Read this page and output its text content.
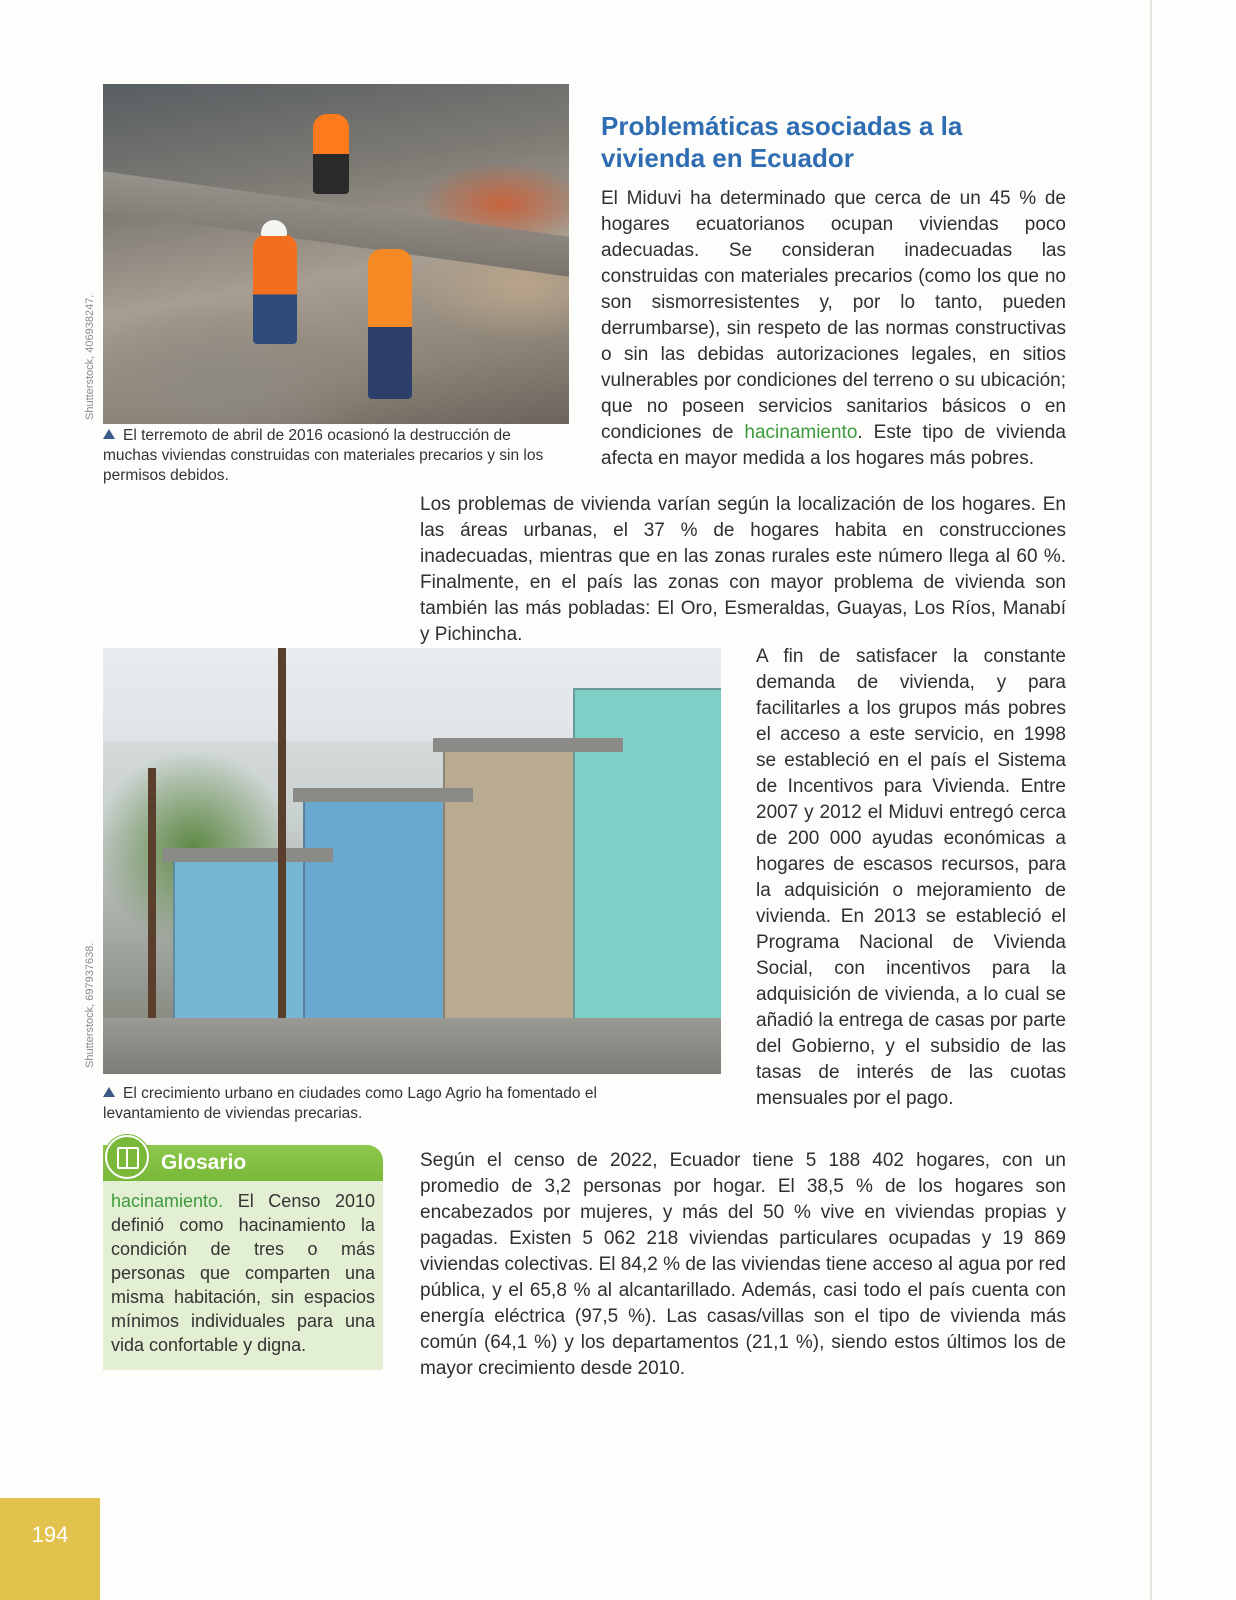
Shutterstock, 406938247.
El terremoto de abril de 2016 ocasionó la destrucción de muchas viviendas construidas con materiales precarios y sin los permisos debidos.
Problemáticas asociadas a la vivienda en Ecuador

El Miduvi ha determinado que cerca de un 45 % de hogares ecuatorianos ocupan viviendas poco adecuadas. Se consideran inadecuadas las construidas con materiales precarios (como los que no son sismorresistentes y, por lo tanto, pueden derrumbarse), sin respeto de las normas constructivas o sin las debidas autorizaciones legales, en sitios vulnerables por condiciones del terreno o su ubicación; que no poseen servicios sanitarios básicos o en condiciones de hacinamiento. Este tipo de vivienda afecta en mayor medida a los hogares más pobres.

Los problemas de vivienda varían según la localización de los hogares. En las áreas urbanas, el 37 % de hogares habita en construcciones inadecuadas, mientras que en las zonas rurales este número llega al 60 %. Finalmente, en el país las zonas con mayor problema de vivienda son también las más pobladas: El Oro, Esmeraldas, Guayas, Los Ríos, Manabí y Pichincha.

Shutterstock, 697937638.
El crecimiento urbano en ciudades como Lago Agrio ha fomentado el levantamiento de viviendas precarias.

A fin de satisfacer la constante demanda de vivienda, y para facilitarles a los grupos más pobres el acceso a este servicio, en 1998 se estableció en el país el Sistema de Incentivos para Vivienda. Entre 2007 y 2012 el Miduvi entregó cerca de 200 000 ayudas económicas a hogares de escasos recursos, para la adquisición o mejoramiento de vivienda. En 2013 se estableció el Programa Nacional de Vivienda Social, con incentivos para la adquisición de vivienda, a lo cual se añadió la entrega de casas por parte del Gobierno, y el subsidio de las tasas de interés de las cuotas mensuales por el pago.

Glosario
hacinamiento. El Censo 2010 definió como hacinamiento la condición de tres o más personas que comparten una misma habitación, sin espacios mínimos individuales para una vida confortable y digna.

Según el censo de 2022, Ecuador tiene 5 188 402 hogares, con un promedio de 3,2 personas por hogar. El 38,5 % de los hogares son encabezados por mujeres, y más del 50 % vive en viviendas propias y pagadas. Existen 5 062 218 viviendas particulares ocupadas y 19 869 viviendas colectivas. El 84,2 % de las viviendas tiene acceso al agua por red pública, y el 65,8 % al alcantarillado. Además, casi todo el país cuenta con energía eléctrica (97,5 %). Las casas/villas son el tipo de vivienda más común (64,1 %) y los departamentos (21,1 %), siendo estos últimos los de mayor crecimiento desde 2010.

194
